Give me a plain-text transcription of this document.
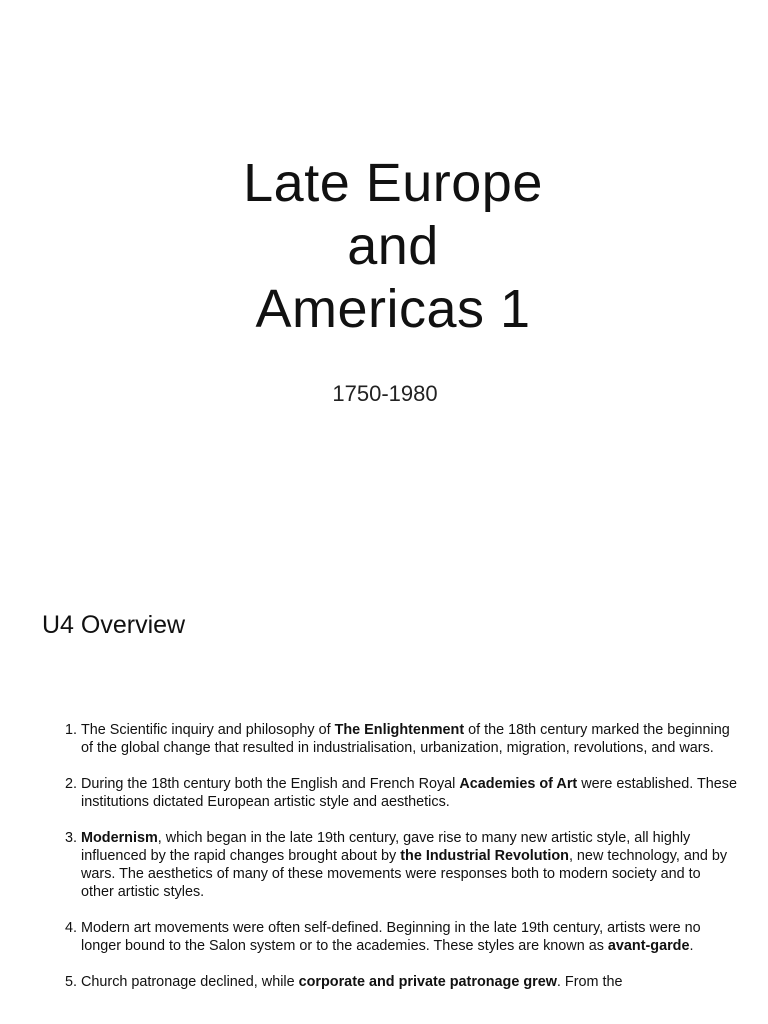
Late Europe
and
Americas 1
1750-1980
U4 Overview
1. The Scientific inquiry and philosophy of The Enlightenment of the 18th century marked the beginning of the global change that resulted in industrialisation, urbanization, migration, revolutions, and wars.
2. During the 18th century both the English and French Royal Academies of Art were established. These institutions dictated European artistic style and aesthetics.
3. Modernism, which began in the late 19th century, gave rise to many new artistic style, all highly influenced by the rapid changes brought about by the Industrial Revolution, new technology, and by wars. The aesthetics of many of these movements were responses both to modern society and to other artistic styles.
4. Modern art movements were often self-defined. Beginning in the late 19th century, artists were no longer bound to the Salon system or to the academies. These styles are known as avant-garde.
5. Church patronage declined, while corporate and private patronage grew. From the
